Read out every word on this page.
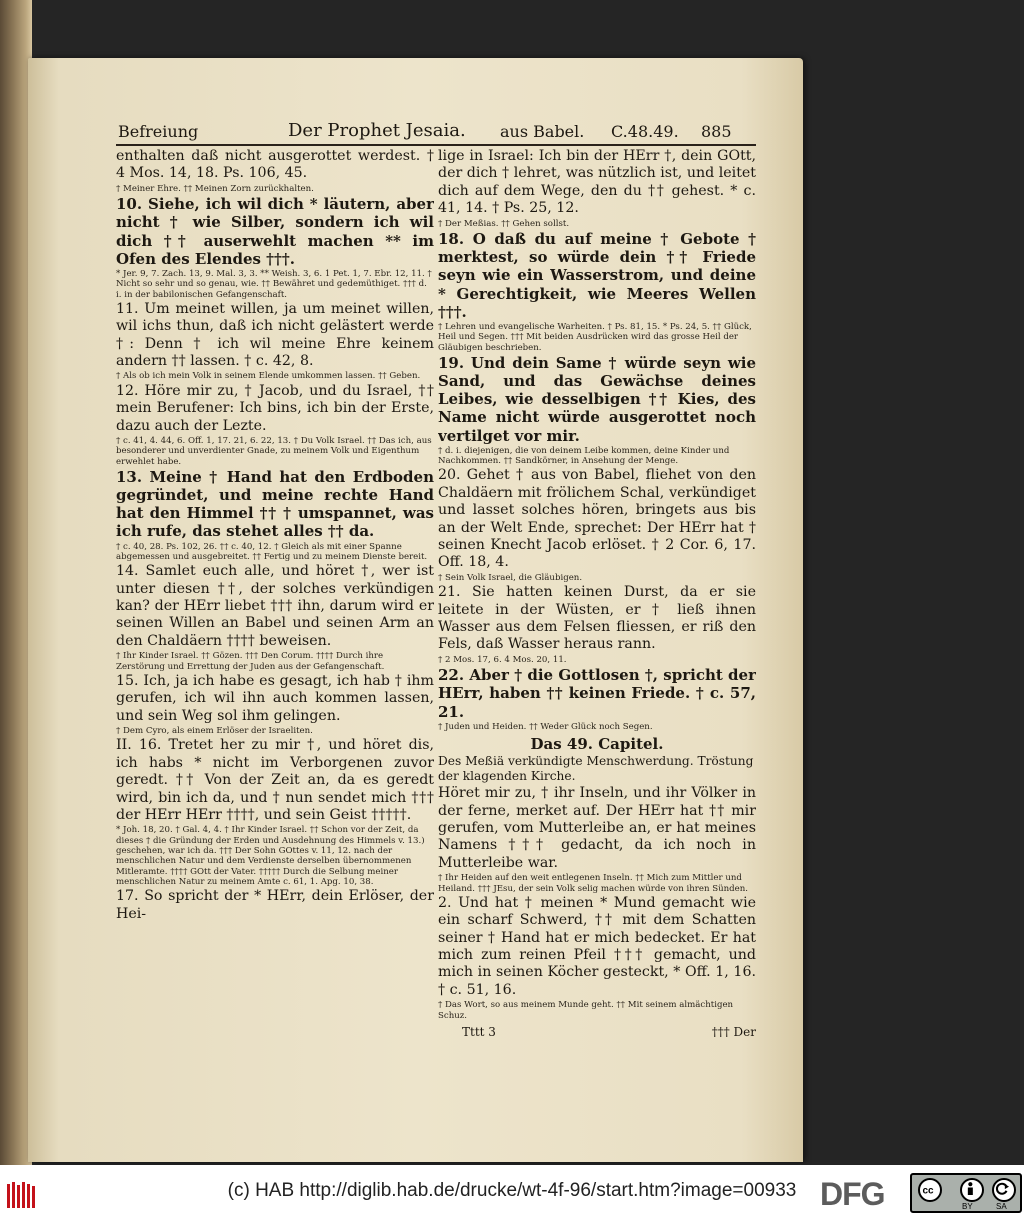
Befreiung	Der Prophet Jesaia. aus Babel. C.48.49. 885
enthalten daß nicht ausgerottet werdest. † 4 Mos. 14, 18. Ps. 106, 45.
† Meiner Ehre. †† Meinen Zorn zurückhalten.
10. Siehe, ich wil dich * läutern, aber nicht † wie Silber, sondern ich wil dich †† auserwehlt machen ** im Ofen des Elendes †††.
* Jer. 9, 7. Zach. 13, 9. Mal. 3, 3. ** Weish. 3, 6. 1 Pet. 1, 7. Ebr. 12, 11. † Nicht so sehr und so genau, wie. †† Bewähret und gedemüthiget. ††† d. i. in der babilonischen Gefangenschaft.
11. Um meinet willen, ja um meinet willen, wil ichs thun, daß ich nicht gelästert werde †: Denn † ich wil meine Ehre keinem andern †† lassen. † c. 42, 8.
† Als ob ich mein Volk in seinem Elende umkommen lassen. †† Geben.
12. Höre mir zu, † Jacob, und du Israel, †† mein Berufener: Ich bins, ich bin der Erste, dazu auch der Lezte.
† c. 41, 4. 44, 6. Off. 1, 17. 21, 6. 22, 13. † Du Volk Israel. †† Das ich, aus besonderer und unverdienter Gnade, zu meinem Volk und Eigenthum erwehlet habe.
13. Meine † Hand hat den Erdboden gegründet, und meine rechte Hand hat den Himmel †† † umspannet, was ich rufe, das stehet alles †† da.
† c. 40, 28. Ps. 102, 26. †† c. 40, 12. † Gleich als mit einer Spanne abgemessen und ausgebreitet. †† Fertig und zu meinem Dienste bereit.
14. Samlet euch alle, und höret †, wer ist unter diesen ††, der solches verkündigen kan? der HErr liebet ††† ihn, darum wird er seinen Willen an Babel und seinen Arm an den Chaldäern †††† beweisen.
† Ihr Kinder Israel. †† Gözen. ††† Den Corum. †††† Durch ihre Zerstörung und Errettung der Juden aus der Gefangenschaft.
15. Ich, ja ich habe es gesagt, ich hab † ihm gerufen, ich wil ihn auch kommen lassen, und sein Weg sol ihm gelingen.
† Dem Cyro, als einem Erlöser der Israeliten.
II. 16. Tretet her zu mir †, und höret dis, ich habs * nicht im Verborgenen zuvor geredt. †† Von der Zeit an, da es geredt wird, bin ich da, und † nun sendet mich ††† der HErr HErr ††††, und sein Geist †††††.
* Joh. 18, 20. † Gal. 4, 4. † Ihr Kinder Israel. †† Schon vor der Zeit, da dieses † die Gründung der Erden und Ausdehnung des Himmels v. 13.) geschehen, war ich da. ††† Der Sohn GOttes v. 11, 12. nach der menschlichen Natur und dem Verdienste derselben übernommenen Mitleramte. †††† GOtt der Vater. ††††† Durch die Selbung meiner menschlichen Natur zu meinem Amte c. 61, 1. Apg. 10, 38.
17. So spricht der * HErr, dein Erlöser, der Hei-
lige in Israel: Ich bin der HErr †, dein GOtt, der dich † lehret, was nützlich ist, und leitet dich auf dem Wege, den du †† gehest. * c. 41, 14. † Ps. 25, 12.
† Der Meßias. †† Gehen sollst.
18. O daß du auf meine † Gebote † merktest, so würde dein †† Friede seyn wie ein Wasserstrom, und deine * Gerechtigkeit, wie Meeres Wellen †††.
† Lehren und evangelische Warheiten. † Ps. 81, 15. * Ps. 24, 5. †† Glück, Heil und Segen. ††† Mit beiden Ausdrücken wird das grosse Heil der Gläubigen beschrieben.
19. Und dein Same † würde seyn wie Sand, und das Gewächse deines Leibes, wie desselbigen †† Kies, des Name nicht würde ausgerottet noch vertilget vor mir.
† d. i. diejenigen, die von deinem Leibe kommen, deine Kinder und Nachkommen. †† Sandkörner, in Ansehung der Menge.
20. Gehet † aus von Babel, fliehet von den Chaldäern mit frölichem Schal, verkündiget und lasset solches hören, bringets aus bis an der Welt Ende, sprechet: Der HErr hat † seinen Knecht Jacob erlöset. † 2 Cor. 6, 17. Off. 18, 4.
† Sein Volk Israel, die Gläubigen.
21. Sie hatten keinen Durst, da er sie leitete in der Wüsten, er † ließ ihnen Wasser aus dem Felsen fliessen, er riß den Fels, daß Wasser heraus rann.
† 2 Mos. 17, 6. 4 Mos. 20, 11.
22. Aber † die Gottlosen †, spricht der HErr, haben †† keinen Friede. † c. 57, 21.
† Juden und Heiden. †† Weder Glück noch Segen.
Das 49. Capitel.
Des Meßiä verkündigte Menschwerdung. Tröstung der klagenden Kirche.
Höret mir zu, † ihr Inseln, und ihr Völker in der ferne, merket auf. Der HErr hat †† mir gerufen, vom Mutterleibe an, er hat meines Namens ††† gedacht, da ich noch in Mutterleibe war.
† Ihr Heiden auf den weit entlegenen Inseln. †† Mich zum Mittler und Heiland. ††† JEsu, der sein Volk selig machen würde von ihren Sünden.
2. Und hat † meinen * Mund gemacht wie ein scharf Schwerd, †† mit dem Schatten seiner † Hand hat er mich bedecket. Er hat mich zum reinen Pfeil ††† gemacht, und mich in seinen Köcher gesteckt, * Off. 1, 16. † c. 51, 16.
† Das Wort, so aus meinem Munde geht. †† Mit seinem almächtigen Schuz.
††† Der
Tttt 3
(c) HAB http://diglib.hab.de/drucke/wt-4f-96/start.htm?image=00933 DFG	cc
BY	SA
